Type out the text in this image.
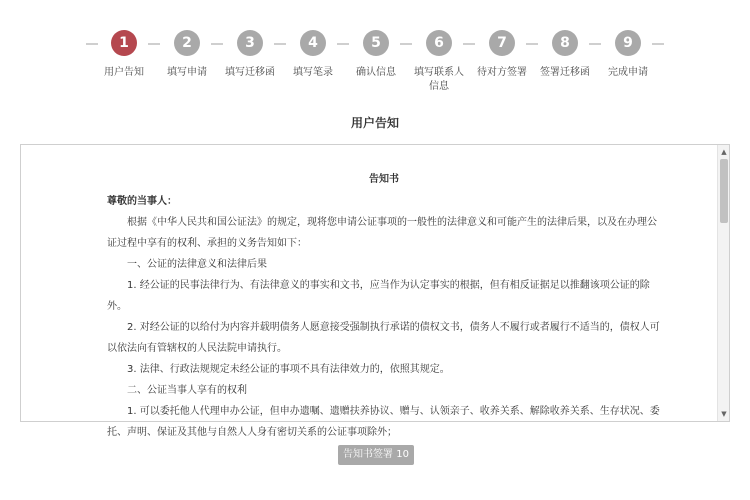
1
用户告知
2
填写申请
3
填写迁移函
4
填写笔录
5
确认信息
6
填写联系人信息
7
待对方签署
8
签署迁移函
9
完成申请
用户告知
告知书
尊敬的当事人：

根据《中华人民共和国公证法》的规定，现将您申请公证事项的一般性的法律意义和可能产生的法律后果，以及在办理公证过程中享有的权利、承担的义务告知如下：

一、公证的法律意义和法律后果

1. 经公证的民事法律行为、有法律意义的事实和文书，应当作为认定事实的根据，但有相反证据足以推翻该项公证的除外。

2. 对经公证的以给付为内容并载明债务人愿意接受强制执行承诺的债权文书，债务人不履行或者履行不适当的，债权人可以依法向有管辖权的人民法院申请执行。

3. 法律、行政法规规定未经公证的事项不具有法律效力的，依照其规定。

二、公证当事人享有的权利

1. 可以委托他人代理申办公证，但申办遗嘱、遗赠扶养协议、赠与、认领亲子、收养关系、解除收养关系、生存状况、委托、声明、保证及其他与自然人人身有密切关系的公证事项除外；

▲
▼
告知书签署 10
